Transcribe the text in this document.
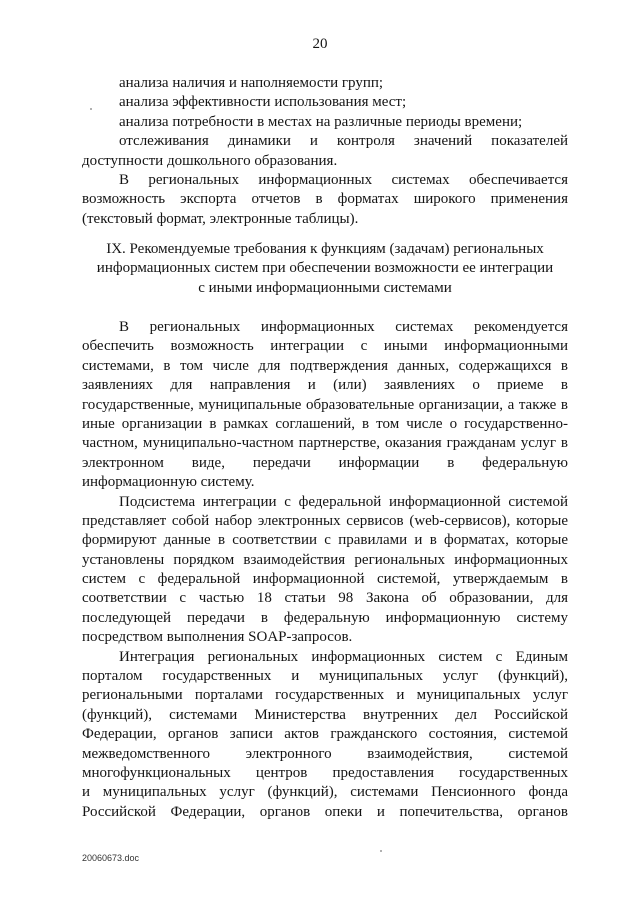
20
анализа наличия и наполняемости групп;
анализа эффективности использования мест;
анализа потребности в местах на различные периоды времени;
отслеживания динамики и контроля значений показателей
доступности дошкольного образования.
В региональных информационных системах обеспечивается
возможность экспорта отчетов в форматах широкого применения
(текстовый формат, электронные таблицы).
IX. Рекомендуемые требования к функциям (задачам) региональных
информационных систем при обеспечении возможности ее интеграции
с иными информационными системами
В региональных информационных системах рекомендуется
обеспечить возможность интеграции с иными информационными
системами, в том числе для подтверждения данных, содержащихся в
заявлениях для направления и (или) заявлениях о приеме в
государственные, муниципальные образовательные организации, а также в
иные организации в рамках соглашений, в том числе о государственно-
частном, муниципально-частном партнерстве, оказания гражданам услуг в
электронном виде, передачи информации в федеральную
информационную систему.
Подсистема интеграции с федеральной информационной системой
представляет собой набор электронных сервисов (web-сервисов), которые
формируют данные в соответствии с правилами и в форматах, которые
установлены порядком взаимодействия региональных информационных
систем с федеральной информационной системой, утверждаемым в
соответствии с частью 18 статьи 98 Закона об образовании, для
последующей передачи в федеральную информационную систему
посредством выполнения SOAP-запросов.
Интеграция региональных информационных систем с Единым
порталом государственных и муниципальных услуг (функций),
региональными порталами государственных и муниципальных услуг
(функций), системами Министерства внутренних дел Российской
Федерации, органов записи актов гражданского состояния, системой
межведомственного электронного взаимодействия, системой
многофункциональных центров предоставления государственных
и муниципальных услуг (функций), системами Пенсионного фонда
Российской Федерации, органов опеки и попечительства, органов
20060673.doc
